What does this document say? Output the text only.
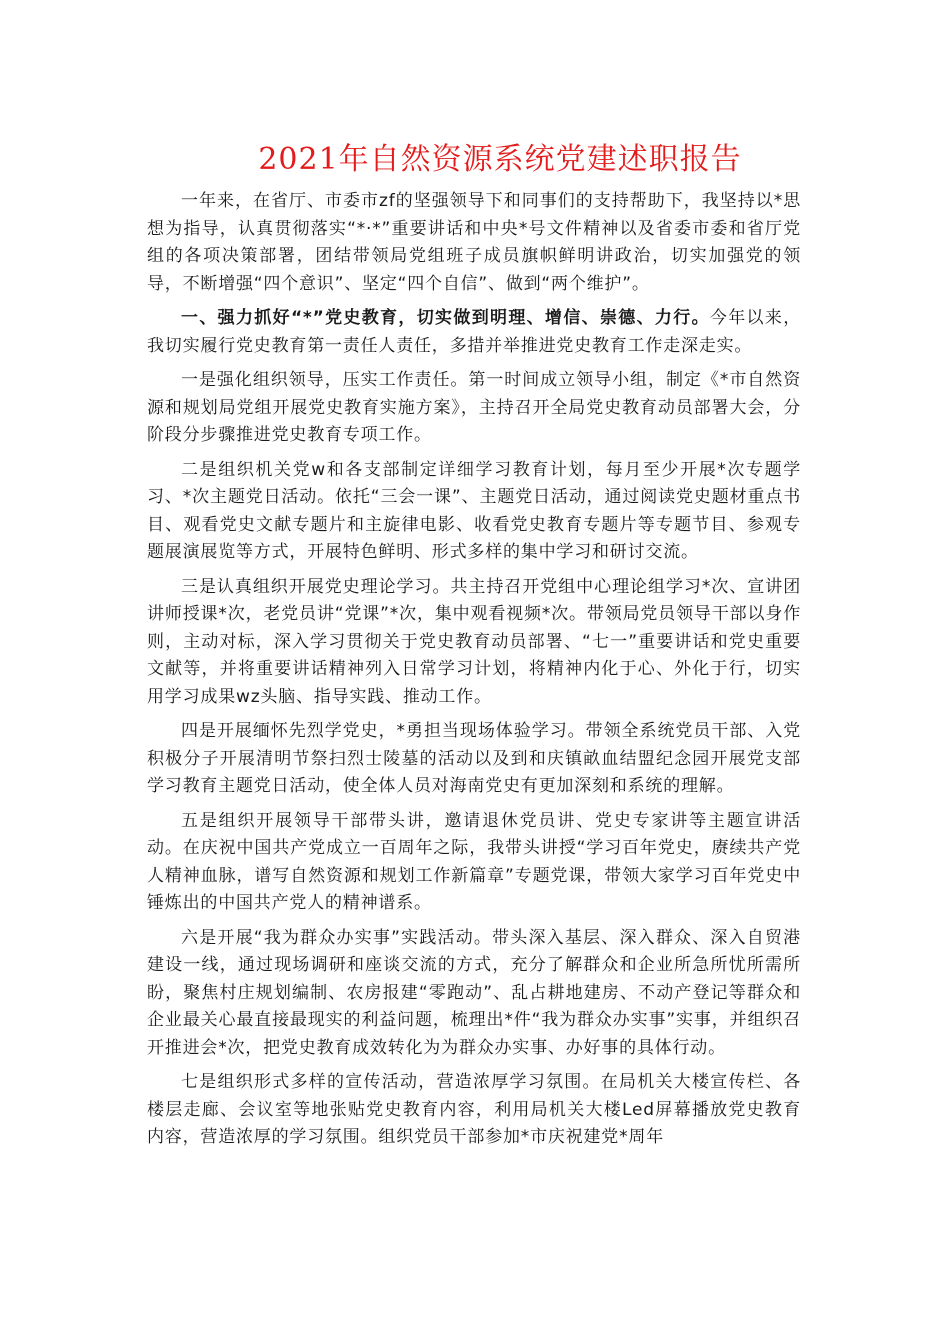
2021年自然资源系统党建述职报告

一年来，在省厅、市委市zf的坚强领导下和同事们的支持帮助下，我坚持以*思想为指导，认真贯彻落实“*·*”重要讲话和中央*号文件精神以及省委市委和省厅党组的各项决策部署，团结带领局党组班子成员旗帜鲜明讲政治，切实加强党的领导，不断增强“四个意识”、坚定“四个自信”、做到“两个维护”。

一、强力抓好“*”党史教育，切实做到明理、增信、崇德、力行。今年以来，我切实履行党史教育第一责任人责任，多措并举推进党史教育工作走深走实。

一是强化组织领导，压实工作责任。第一时间成立领导小组，制定《*市自然资源和规划局党组开展党史教育实施方案》，主持召开全局党史教育动员部署大会，分阶段分步骤推进党史教育专项工作。

二是组织机关党w和各支部制定详细学习教育计划，每月至少开展*次专题学习、*次主题党日活动。依托“三会一课”、主题党日活动，通过阅读党史题材重点书目、观看党史文献专题片和主旋律电影、收看党史教育专题片等专题节目、参观专题展演展览等方式，开展特色鲜明、形式多样的集中学习和研讨交流。

三是认真组织开展党史理论学习。共主持召开党组中心理论组学习*次、宣讲团讲师授课*次，老党员讲“党课”*次，集中观看视频*次。带领局党员领导干部以身作则，主动对标，深入学习贯彻关于党史教育动员部署、“七一”重要讲话和党史重要文献等，并将重要讲话精神列入日常学习计划，将精神内化于心、外化于行，切实用学习成果wz头脑、指导实践、推动工作。

四是开展缅怀先烈学党史，*勇担当现场体验学习。带领全系统党员干部、入党积极分子开展清明节祭扫烈士陵墓的活动以及到和庆镇畝血结盟纪念园开展党支部学习教育主题党日活动，使全体人员对海南党史有更加深刻和系统的理解。

五是组织开展领导干部带头讲，邀请退休党员讲、党史专家讲等主题宣讲活动。在庆祝中国共产党成立一百周年之际，我带头讲授“学习百年党史，赓续共产党人精神血脉，谱写自然资源和规划工作新篇章”专题党课，带领大家学习百年党史中锤炼出的中国共产党人的精神谱系。

六是开展“我为群众办实事”实践活动。带头深入基层、深入群众、深入自贸港建设一线，通过现场调研和座谈交流的方式，充分了解群众和企业所急所忧所需所盼，聚焦村庄规划编制、农房报建“零跑动”、乱占耕地建房、不动产登记等群众和企业最关心最直接最现实的利益问题，梳理出*件“我为群众办实事”实事，并组织召开推进会*次，把党史教育成效转化为为群众办实事、办好事的具体行动。

七是组织形式多样的宣传活动，营造浓厚学习氛围。在局机关大楼宣传栏、各楼层走廊、会议室等地张贴党史教育内容，利用局机关大楼Led屏幕播放党史教育内容，营造浓厚的学习氛围。组织党员干部参加*市庆祝建党*周年
